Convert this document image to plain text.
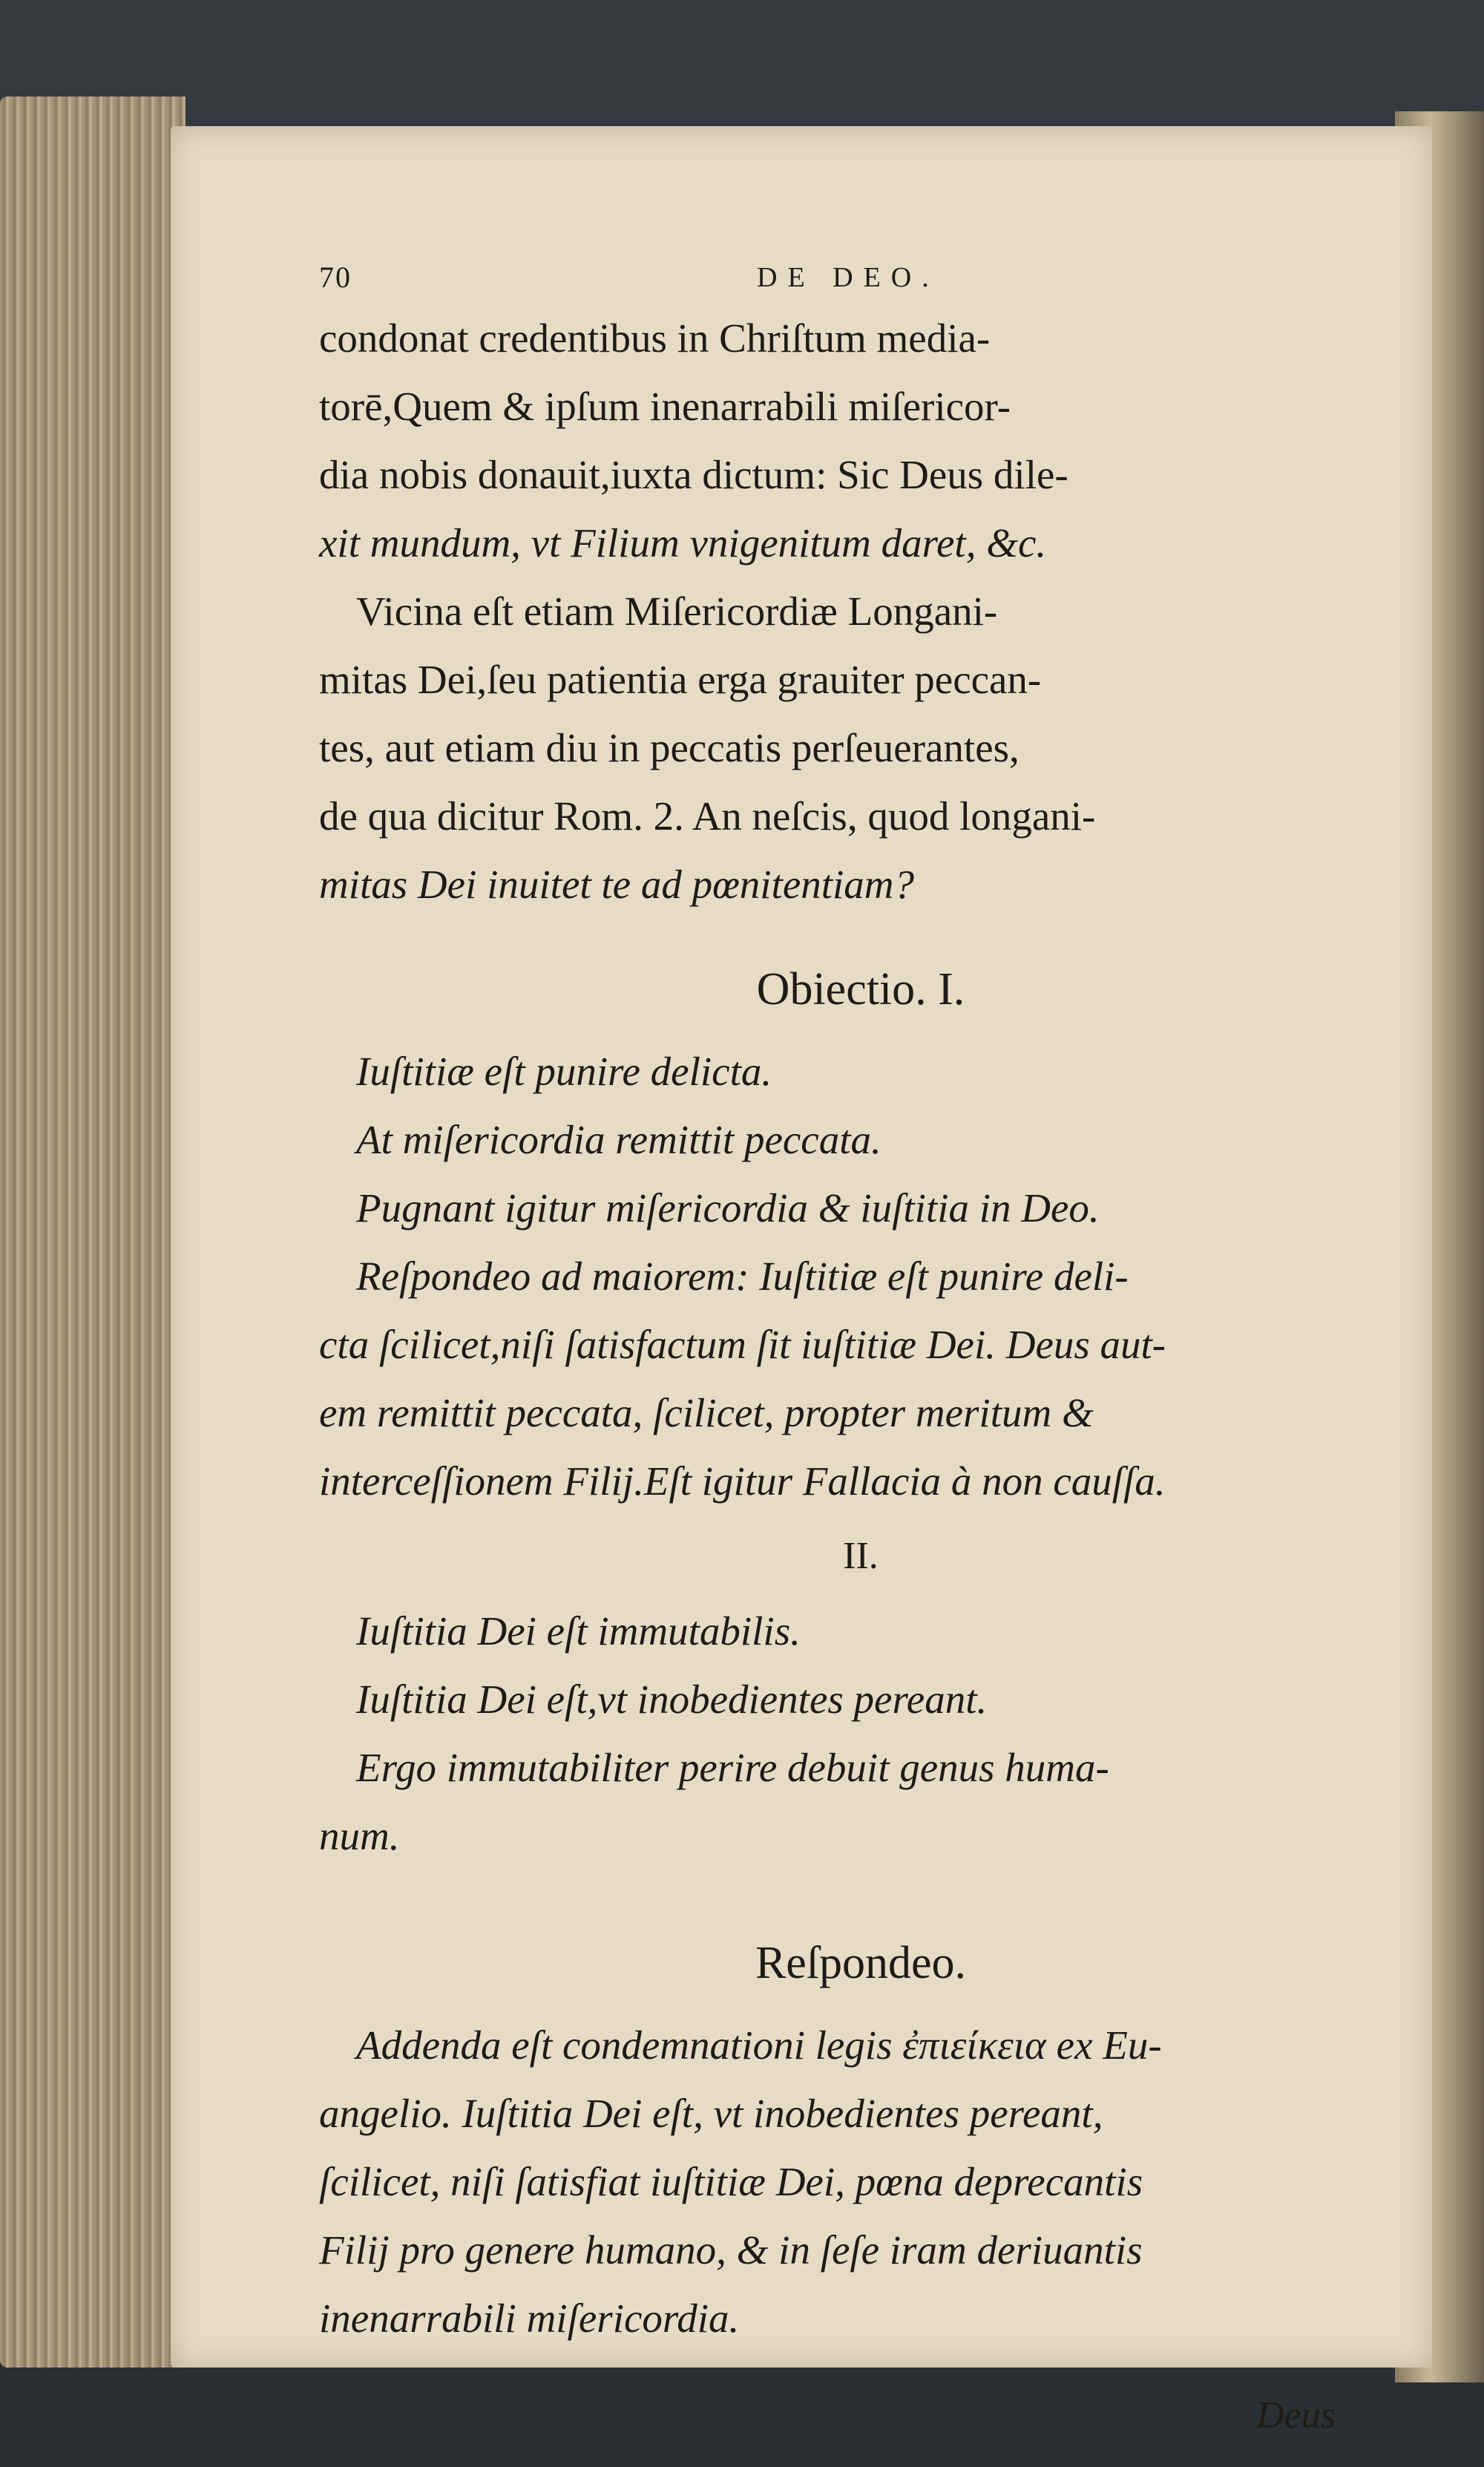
70	DE DEO.
condonat credentibus in Chriſtum media-
torē,Quem & ipſum inenarrabili miſericor-
dia nobis donauit,iuxta dictum: Sic Deus dile-
xit mundum, vt Filium vnigenitum daret, &c.
Vicina eſt etiam Miſericordiæ Longani-
mitas Dei,ſeu patientia erga grauiter peccan-
tes, aut etiam diu in peccatis perſeuerantes,
de qua dicitur Rom. 2. An neſcis, quod longani-
mitas Dei inuitet te ad pœnitentiam?
Obiectio. I.
Iuſtitiæ eſt punire delicta.
At miſericordia remittit peccata.
Pugnant igitur miſericordia & iuſtitia in Deo.
Reſpondeo ad maiorem: Iuſtitiæ eſt punire deli-
cta ſcilicet,niſi ſatisfactum ſit iuſtitiæ Dei. Deus aut-
em remittit peccata, ſcilicet, propter meritum &
interceſſionem Filij.Eſt igitur Fallacia à non cauſſa.
II.
Iuſtitia Dei eſt immutabilis.
Iuſtitia Dei eſt,vt inobedientes pereant.
Ergo immutabiliter perire debuit genus huma-
num.
Reſpondeo.
Addenda eſt condemnationi legis ἐπιείκεια ex Eu-
angelio. Iuſtitia Dei eſt, vt inobedientes pereant,
ſcilicet, niſi ſatisfiat iuſtitiæ Dei, pœna deprecantis
Filij pro genere humano, & in ſeſe iram deriuantis
inenarrabili miſericordia.
Deus
